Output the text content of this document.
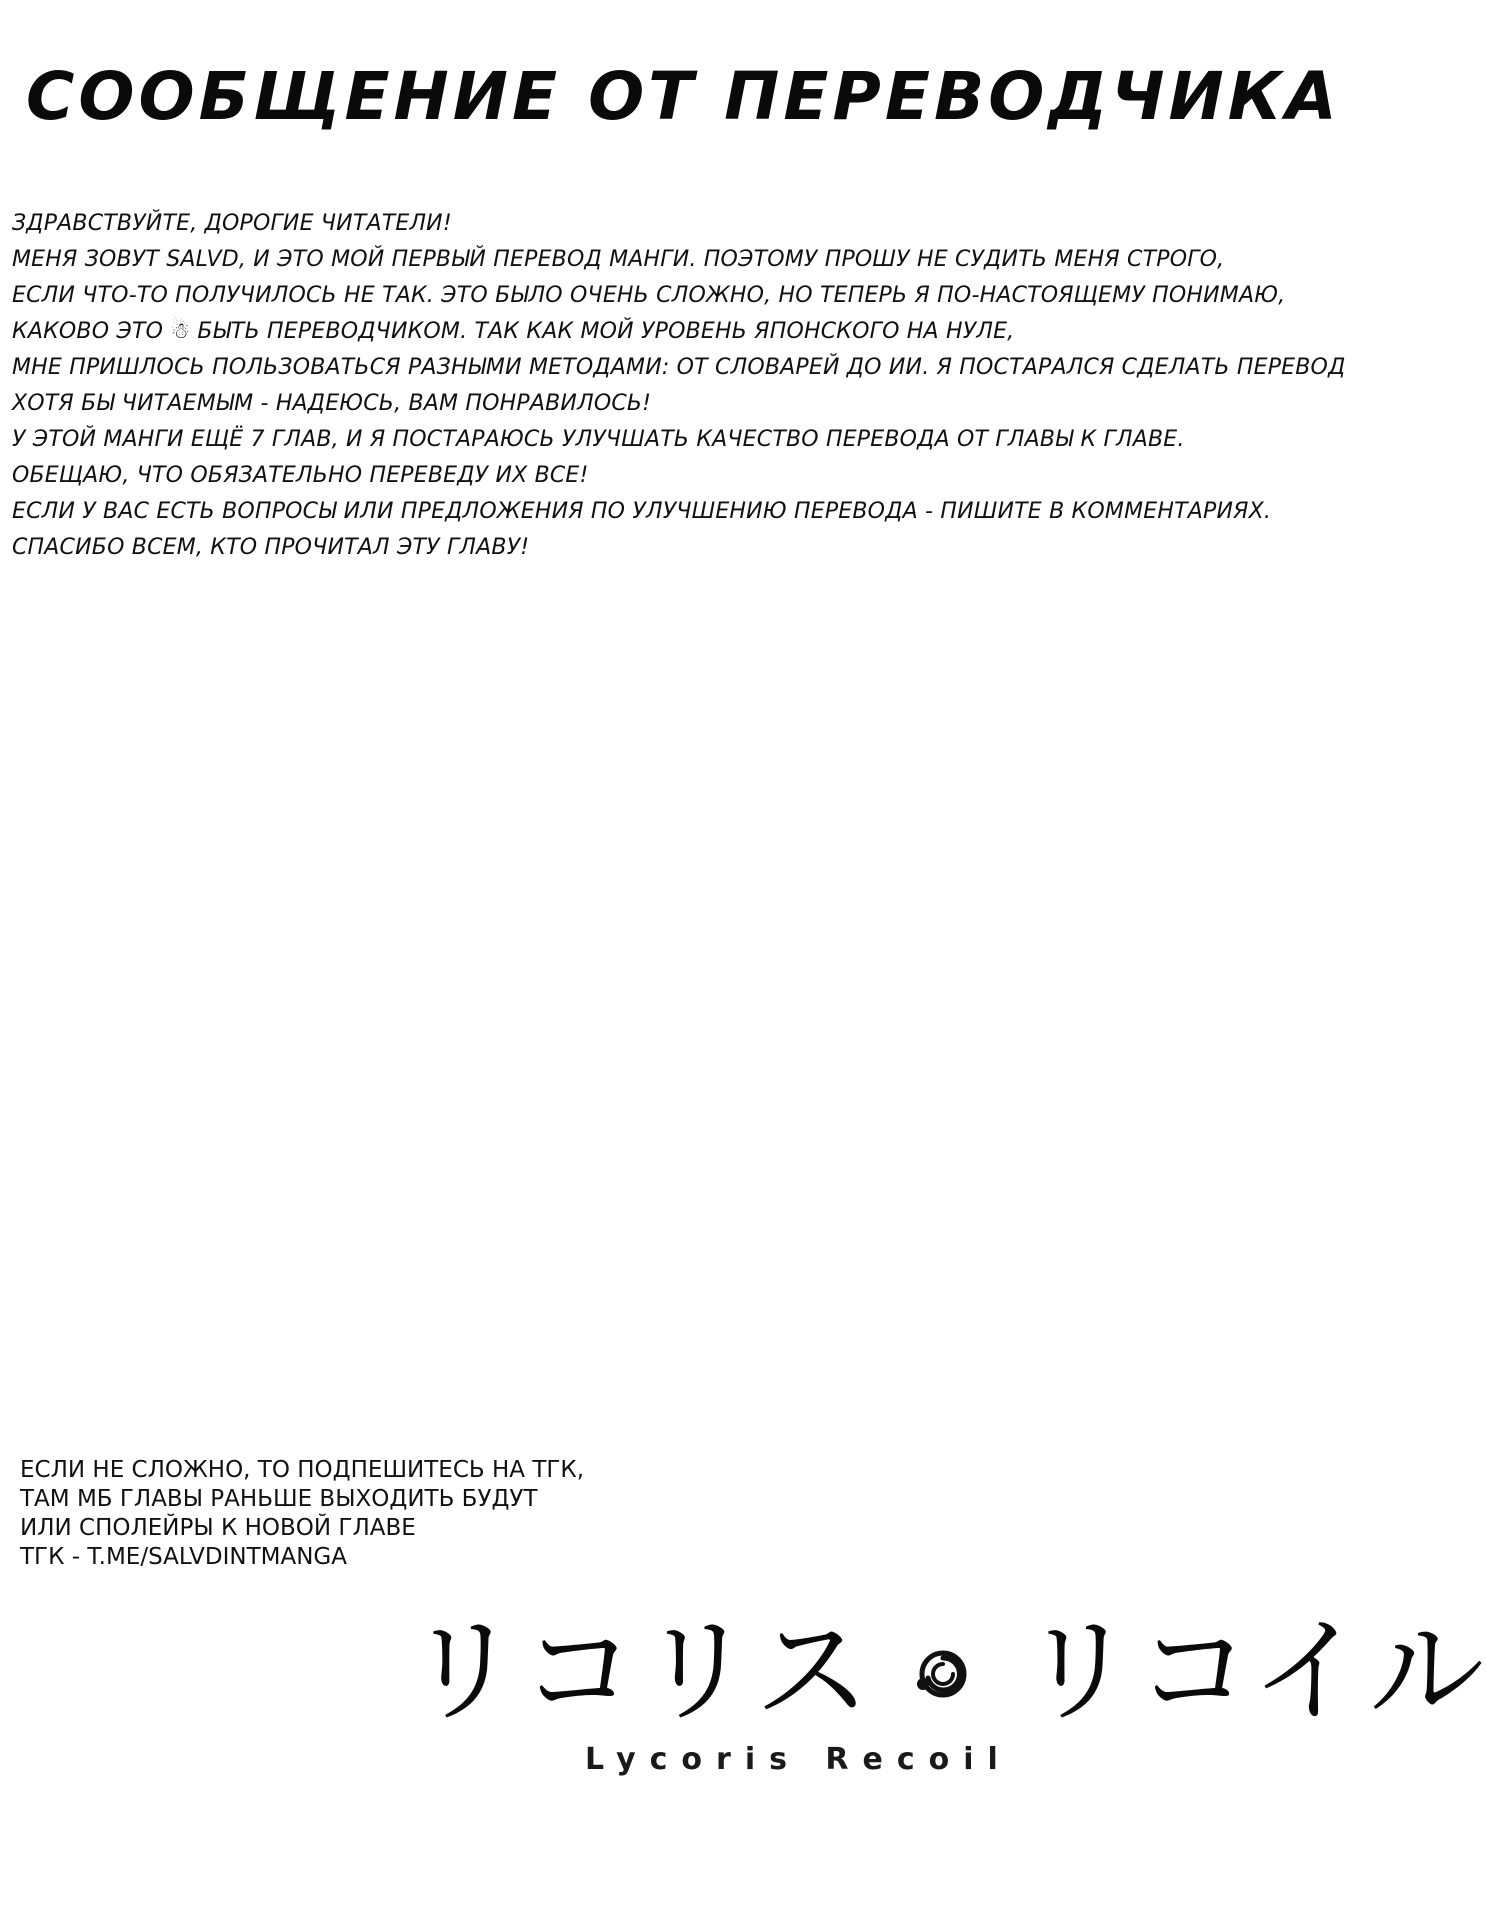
СООБЩЕНИЕ ОТ ПЕРЕВОДЧИКА
ЗДРАВСТВУЙТЕ, ДОРОГИЕ ЧИТАТЕЛИ!
МЕНЯ ЗОВУТ SALVD, И ЭТО МОЙ ПЕРВЫЙ ПЕРЕВОД МАНГИ. ПОЭТОМУ ПРОШУ НЕ СУДИТЬ МЕНЯ СТРОГО,
ЕСЛИ ЧТО-ТО ПОЛУЧИЛОСЬ НЕ ТАК. ЭТО БЫЛО ОЧЕНЬ СЛОЖНО, НО ТЕПЕРЬ Я ПО-НАСТОЯЩЕМУ ПОНИМАЮ,
КАКОВО ЭТО ☃ БЫТЬ ПЕРЕВОДЧИКОМ. ТАК КАК МОЙ УРОВЕНЬ ЯПОНСКОГО НА НУЛЕ,
МНЕ ПРИШЛОСЬ ПОЛЬЗОВАТЬСЯ РАЗНЫМИ МЕТОДАМИ: ОТ СЛОВАРЕЙ ДО ИИ. Я ПОСТАРАЛСЯ СДЕЛАТЬ ПЕРЕВОД
ХОТЯ БЫ ЧИТАЕМЫМ - НАДЕЮСЬ, ВАМ ПОНРАВИЛОСЬ!
У ЭТОЙ МАНГИ ЕЩЁ 7 ГЛАВ, И Я ПОСТАРАЮСЬ УЛУЧШАТЬ КАЧЕСТВО ПЕРЕВОДА ОТ ГЛАВЫ К ГЛАВЕ.
ОБЕЩАЮ, ЧТО ОБЯЗАТЕЛЬНО ПЕРЕВЕДУ ИХ ВСЕ!
ЕСЛИ У ВАС ЕСТЬ ВОПРОСЫ ИЛИ ПРЕДЛОЖЕНИЯ ПО УЛУЧШЕНИЮ ПЕРЕВОДА - ПИШИТЕ В КОММЕНТАРИЯХ.
СПАСИБО ВСЕМ, КТО ПРОЧИТАЛ ЭТУ ГЛАВУ!
ЕСЛИ НЕ СЛОЖНО, ТО ПОДПЕШИТЕСЬ НА ТГК,
ТАМ МБ ГЛАВЫ РАНЬШЕ ВЫХОДИТЬ БУДУТ
ИЛИ СПОЛЕЙРЫ К НОВОЙ ГЛАВЕ
ТГК - T.ME/SALVDINTMANGA
リコリス リコイル
Lycoris Recoil
